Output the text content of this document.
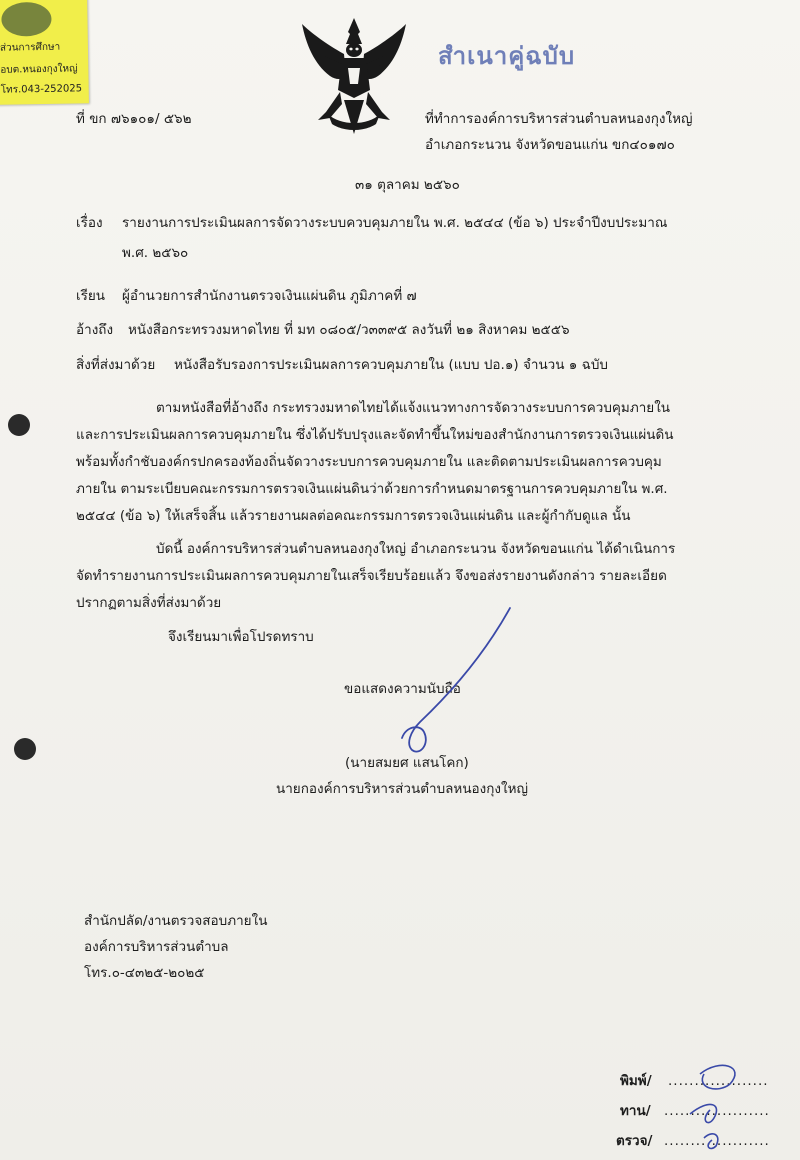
ส่วนการศึกษา
อบต.หนองกุงใหญ่
โทร.043-252025
สำเนาคู่ฉบับ
ที่ ขก ๗๖๑๐๑/ ๕๖๒	ที่ทำการองค์การบริหารส่วนตำบลหนองกุงใหญ่
อำเภอกระนวน จังหวัดขอนแก่น ขก๔๐๑๗๐
๓๑ ตุลาคม ๒๕๖๐
เรื่อง รายงานการประเมินผลการจัดวางระบบควบคุมภายใน พ.ศ. ๒๕๔๔ (ข้อ ๖) ประจำปีงบประมาณ
พ.ศ. ๒๕๖๐
เรียน ผู้อำนวยการสำนักงานตรวจเงินแผ่นดิน ภูมิภาคที่ ๗
อ้างถึง หนังสือกระทรวงมหาดไทย ที่ มท ๐๘๐๕/ว๓๓๙๕ ลงวันที่ ๒๑ สิงหาคม ๒๕๕๖
สิ่งที่ส่งมาด้วย หนังสือรับรองการประเมินผลการควบคุมภายใน (แบบ ปอ.๑) จำนวน ๑ ฉบับ

ตามหนังสือที่อ้างถึง กระทรวงมหาดไทยได้แจ้งแนวทางการจัดวางระบบการควบคุมภายใน

และการประเมินผลการควบคุมภายใน ซึ่งได้ปรับปรุงและจัดทำขึ้นใหม่ของสำนักงานการตรวจเงินแผ่นดิน

พร้อมทั้งกำชับองค์กรปกครองท้องถิ่นจัดวางระบบการควบคุมภายใน และติดตามประเมินผลการควบคุม

ภายใน ตามระเบียบคณะกรรมการตรวจเงินแผ่นดินว่าด้วยการกำหนดมาตรฐานการควบคุมภายใน พ.ศ.

๒๕๔๔ (ข้อ ๖) ให้เสร็จสิ้น แล้วรายงานผลต่อคณะกรรมการตรวจเงินแผ่นดิน และผู้กำกับดูแล นั้น

บัดนี้ องค์การบริหารส่วนตำบลหนองกุงใหญ่ อำเภอกระนวน จังหวัดขอนแก่น ได้ดำเนินการ

จัดทำรายงานการประเมินผลการควบคุมภายในเสร็จเรียบร้อยแล้ว จึงขอส่งรายงานดังกล่าว รายละเอียด

ปรากฏตามสิ่งที่ส่งมาด้วย

จึงเรียนมาเพื่อโปรดทราบ
ขอแสดงความนับถือ
(นายสมยศ แสนโคก)
นายกองค์การบริหารส่วนตำบลหนองกุงใหญ่
สำนักปลัด/งานตรวจสอบภายใน
องค์การบริหารส่วนตำบล
โทร.๐-๔๓๒๕-๒๐๒๕
พิมพ์/ ...................
ทาน/ ....................
ตรวจ/ ....................
